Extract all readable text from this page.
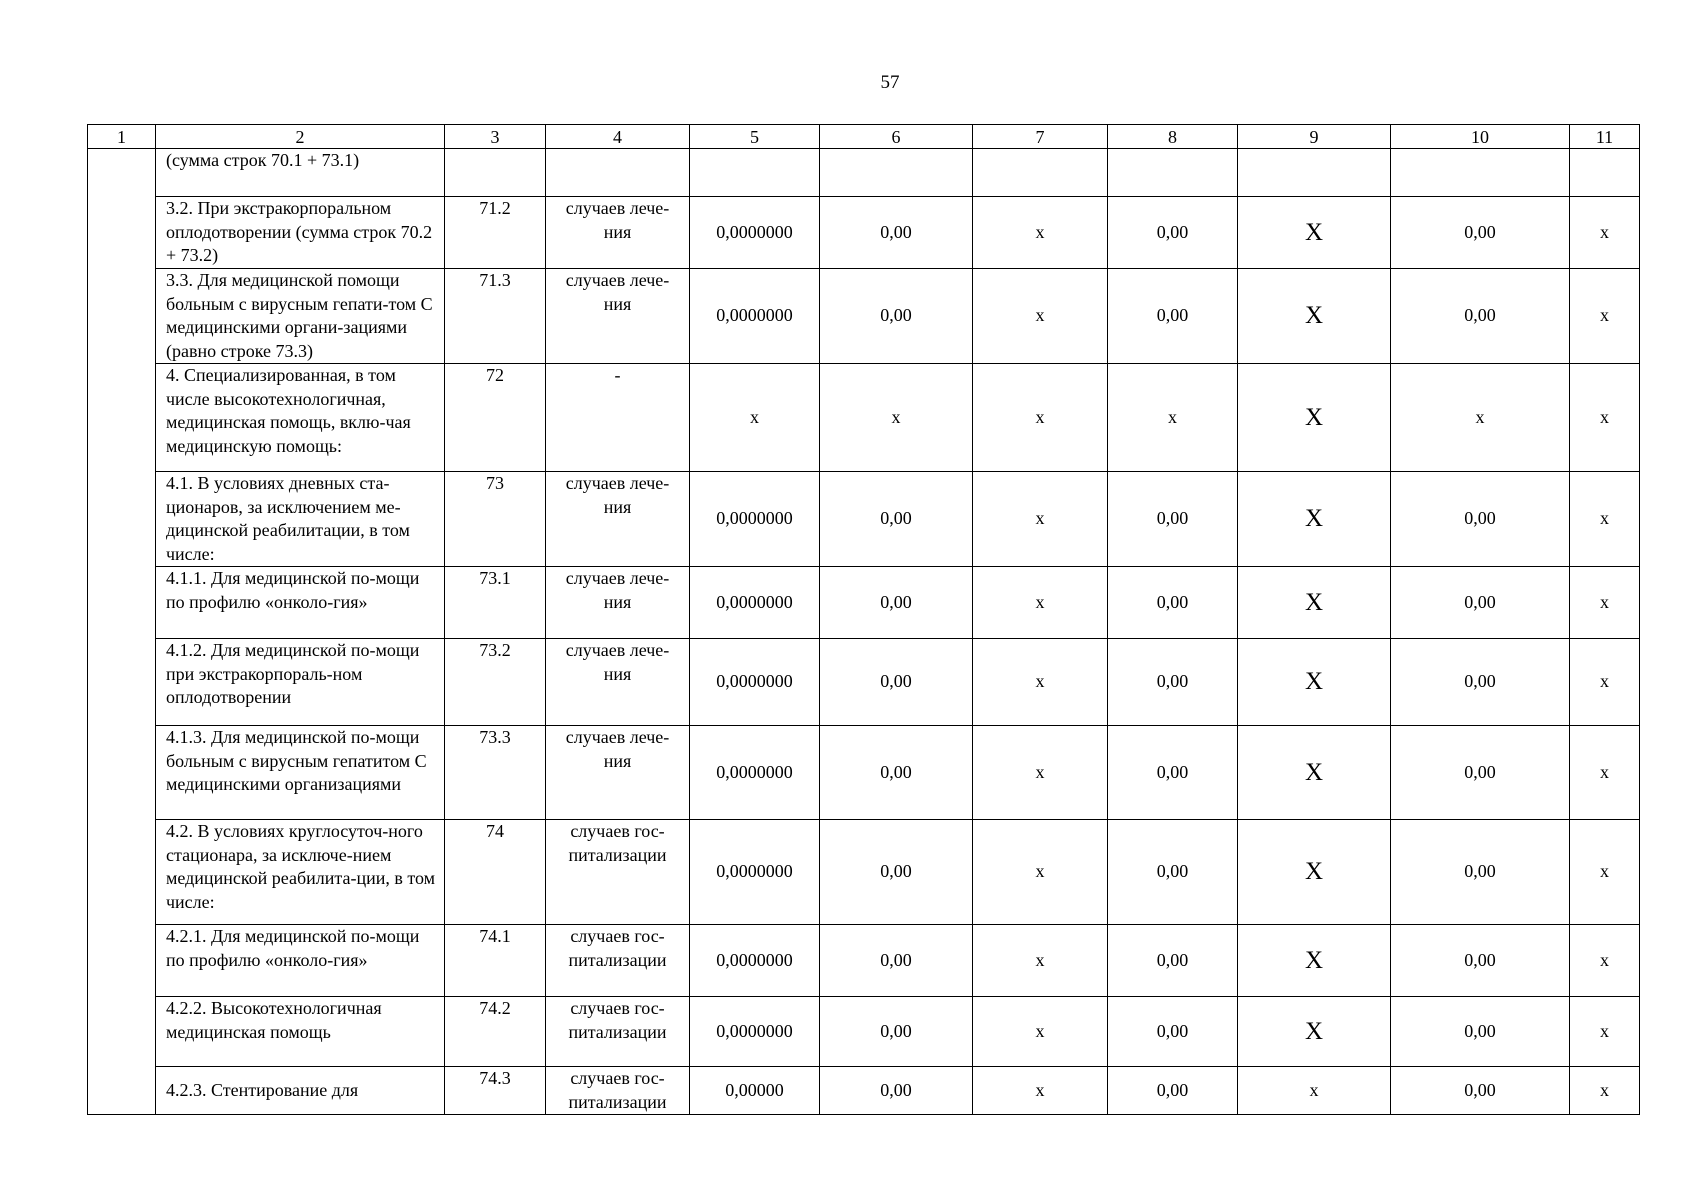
57
1	2	3	4	5	6	7	8	9	10	11
	(сумма строк 70.1 + 73.1)									
	3.2. При экстракорпоральном оплодотворении (сумма строк 70.2 + 73.2)	71.2	случаев лече-ния	0,0000000	0,00	х	0,00	Х	0,00	х
	3.3. Для медицинской помощи больным с вирусным гепати-том С медицинскими органи-зациями (равно строке 73.3)	71.3	случаев лече-ния	0,0000000	0,00	х	0,00	Х	0,00	х
	4. Специализированная, в том числе высокотехнологичная, медицинская помощь, вклю-чая медицинскую помощь:	72	-	х	х	х	х	Х	х	х
	4.1. В условиях дневных ста-ционаров, за исключением ме-дицинской реабилитации, в том числе:	73	случаев лече-ния	0,0000000	0,00	х	0,00	Х	0,00	х
	4.1.1. Для медицинской по-мощи по профилю «онколо-гия»	73.1	случаев лече-ния	0,0000000	0,00	х	0,00	Х	0,00	х
	4.1.2. Для медицинской по-мощи при экстракорпораль-ном оплодотворении	73.2	случаев лече-ния	0,0000000	0,00	х	0,00	Х	0,00	х
	4.1.3. Для медицинской по-мощи больным с вирусным гепатитом С медицинскими организациями	73.3	случаев лече-ния	0,0000000	0,00	х	0,00	Х	0,00	х
	4.2. В условиях круглосуточ-ного стационара, за исключе-нием медицинской реабилита-ции, в том числе:	74	случаев гос-питализации	0,0000000	0,00	х	0,00	Х	0,00	х
	4.2.1. Для медицинской по-мощи по профилю «онколо-гия»	74.1	случаев гос-питализации	0,0000000	0,00	х	0,00	Х	0,00	х
	4.2.2. Высокотехнологичная медицинская помощь	74.2	случаев гос-питализации	0,0000000	0,00	х	0,00	Х	0,00	х
	4.2.3. Стентирование для	74.3	случаев гос-питализации	0,00000	0,00	х	0,00	х	0,00	х
